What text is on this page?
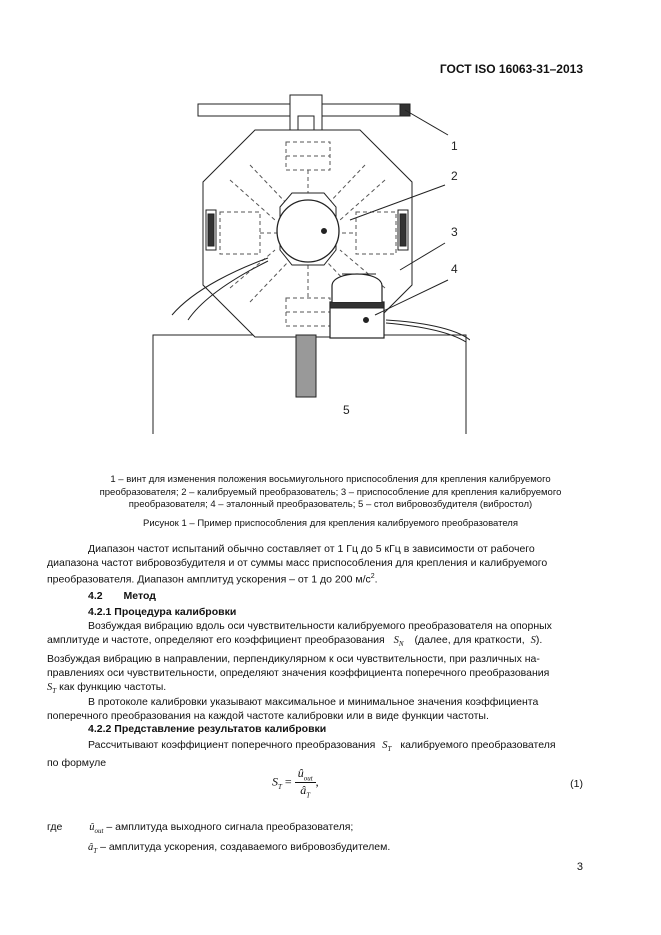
ГОСТ ISO 16063-31–2013
1
2
3
4
5
1 – винт для изменения положения восьмиугольного приспособления для крепления калибруемого
преобразователя; 2 – калибруемый преобразователь; 3 – приспособление для крепления калибруемого
преобразователя; 4 – эталонный преобразователь; 5 – стол вибровозбудителя (вибростол)
Рисунок 1 – Пример приспособления для крепления калибруемого преобразователя
Диапазон частот испытаний обычно составляет от 1 Гц до 5 кГц в зависимости от рабочего
диапазона частот вибровозбудителя и от суммы масс приспособления для крепления и калибруемого
преобразователя. Диапазон амплитуд ускорения – от 1 до 200 $м/с^2$.
4.2 Метод
4.2.1 Процедура калибровки
Возбуждая вибрацию вдоль оси чувствительности калибруемого преобразователя на опорных
амплитуде и частоте, определяют его коэффициент преобразования $S_N$ (далее, для краткости, S).
Возбуждая вибрацию в направлении, перпендикулярном к оси чувствительности, при различных на-
правлениях оси чувствительности, определяют значения коэффициента поперечного преобразования
$S_T$ как функцию частоты.
В протоколе калибровки указывают максимальное и минимальное значения коэффициента
поперечного преобразования на каждой частоте калибровки или в виде функции частоты.
4.2.2 Представление результатов калибровки
Рассчитывают коэффициент поперечного преобразования $S_T$ калибруемого преобразователя
по формуле
$S_T = \frac{û_{out}}{â_T}$ ,	(1)
где	$û_{out}$ – амплитуда выходного сигнала преобразователя;
$â_T$ – амплитуда ускорения, создаваемого вибровозбудителем.
3
